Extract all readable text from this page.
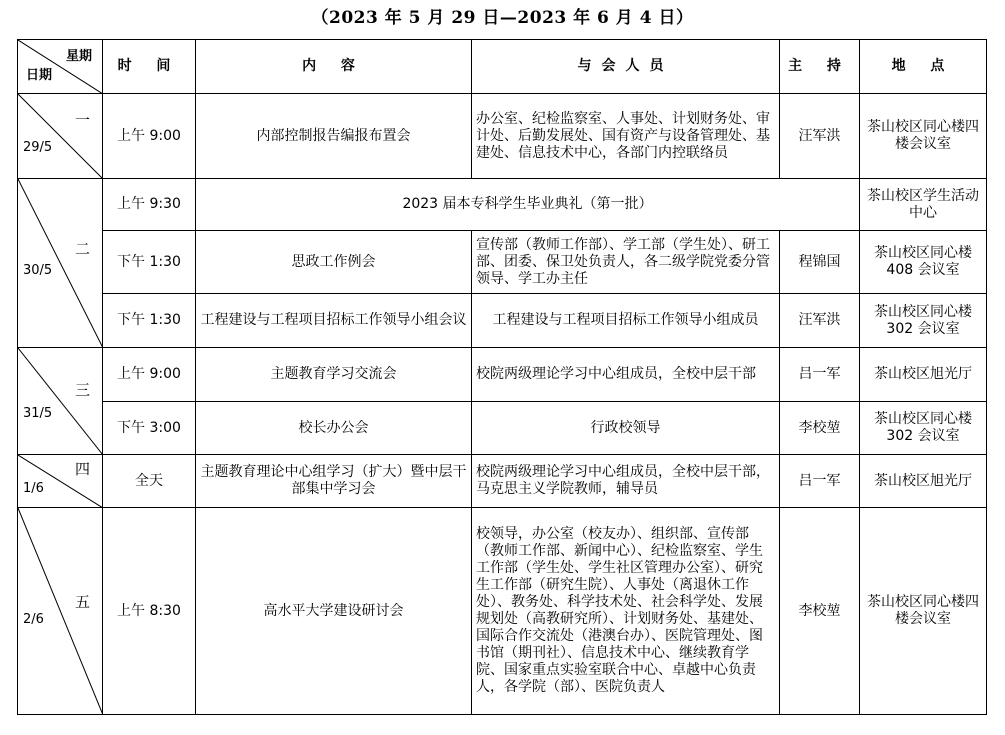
（2023 年 5 月 29 日—2023 年 6 月 4 日）
星期
日期	时 间	内 容	与会人员	主 持	地 点

一
29/5	上午 9:00	内部控制报告编报布置会	办公室、纪检监察室、人事处、计划财务处、审计处、后勤发展处、国有资产与设备管理处、基建处、信息技术中心，各部门内控联络员	汪军洪	茶山校区同心楼四楼会议室

二
30/5	上午 9:30	2023 届本专科学生毕业典礼（第一批）			茶山校区学生活动中心
	下午 1:30	思政工作例会	宣传部（教师工作部）、学工部（学生处）、研工部、团委、保卫处负责人，各二级学院党委分管领导、学工办主任	程锦国	茶山校区同心楼 408 会议室
	下午 1:30	工程建设与工程项目招标工作领导小组会议	工程建设与工程项目招标工作领导小组成员	汪军洪	茶山校区同心楼 302 会议室

三
31/5	上午 9:00	主题教育学习交流会	校院两级理论学习中心组成员，全校中层干部	吕一军	茶山校区旭光厅
	下午 3:00	校长办公会	行政校领导	李校堃	茶山校区同心楼 302 会议室

四
1/6	全天	主题教育理论中心组学习（扩大）暨中层干部集中学习会	校院两级理论学习中心组成员，全校中层干部，马克思主义学院教师，辅导员	吕一军	茶山校区旭光厅

五
2/6	上午 8:30	高水平大学建设研讨会	校领导，办公室（校友办）、组织部、宣传部（教师工作部、新闻中心）、纪检监察室、学生工作部（学生处、学生社区管理办公室）、研究生工作部（研究生院）、人事处（离退休工作处）、教务处、科学技术处、社会科学处、发展规划处（高教研究所）、计划财务处、基建处、国际合作交流处（港澳台办）、医院管理处、图书馆（期刊社）、信息技术中心、继续教育学院、国家重点实验室联合中心、卓越中心负责人，各学院（部）、医院负责人	李校堃	茶山校区同心楼四楼会议室
